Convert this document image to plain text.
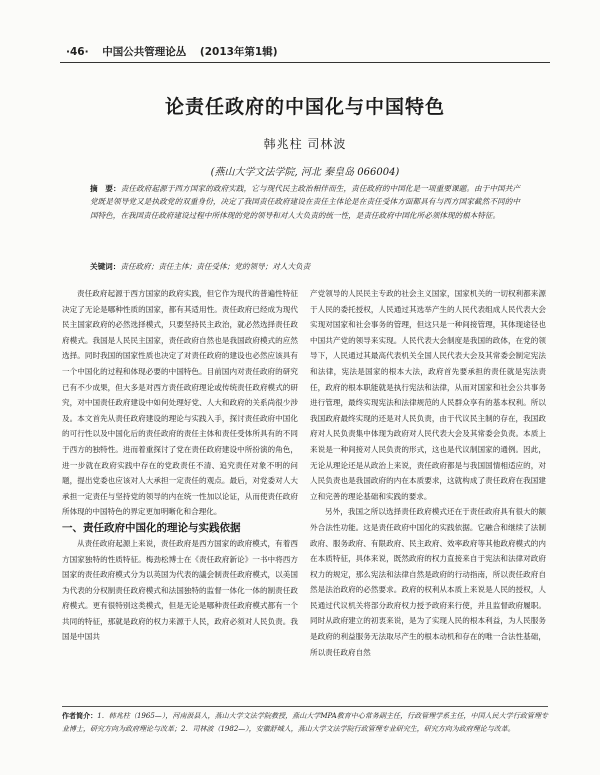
·46· 中国公共管理论丛 (2013年第1辑)
论责任政府的中国化与中国特色
韩兆柱 司林波
(燕山大学文法学院, 河北 秦皇岛 066004)
摘　要：责任政府起源于西方国家的政府实践，它与现代民主政治相伴而生，责任政府的中国化是一项重要课题。由于中国共产党既是领导党又是执政党的双重身份，决定了我国责任政府建设在责任主体论是在责任受体方面都具有与西方国家截然不同的中国特色，在我国责任政府建设过程中所体现的党的领导和对人大负责的统一性，是责任政府中国化所必须体现的根本特征。
关键词：责任政府；责任主体；责任受体；党的领导；对人大负责

责任政府起源于西方国家的政府实践，但它作为现代的普遍性特征决定了无论是哪种性质的国家，都有其适用性。责任政府已经成为现代民主国家政府的必然选择模式，只要坚持民主政治，就必然选择责任政府模式。我国是人民民主国家，责任政府自然也是我国政府模式的应然选择。同时我国的国家性质也决定了对责任政府的建设也必然应该具有一个中国化的过程和体现必要的中国特色。目前国内对责任政府的研究已有不少成果，但大多是对西方责任政府理论或传统责任政府模式的研究，对中国责任政府建设中如何处理好党、人大和政府的关系尚很少涉及。本文首先从责任政府建设的理论与实践入手，探讨责任政府中国化的可行性以及中国化后的责任政府的责任主体和责任受体所具有的不同于西方的独特性。进而着重探讨了党在责任政府建设中所扮演的角色，进一步就在政府实践中存在的党政责任不清、追究责任对象不明的问题，提出党委也应该对人大承担一定责任的观点。最后，对党委对人大承担一定责任与坚持党的领导的内在统一性加以论证，从而使责任政府所体现的中国特色的界定更加明晰化和合理化。

一、责任政府中国化的理论与实践依据

从责任政府起源上来说，责任政府是西方国家的政府模式，有着西方国家独特的性质特征。梅劲松博士在《责任政府新论》一书中将西方国家的责任政府模式分为以英国为代表的議会制责任政府模式，以美国为代表的分权制责任政府模式和法国独特的监督一体化一体的制责任政府模式。更有很特别这类模式，但是无论是哪种责任政府模式都有一个共同的特征，那就是政府的权力来源于人民，政府必须对人民负责。我国是中国共

产党领导的人民民主专政的社会主义国家，国家机关的一切权利都来源于人民的委托授权，人民通过其选举产生的人民代表组成人民代表大会实现对国家和社会事务的管理，但这只是一种间接管理，其体现途径也中国共产党的领导来实现。人民代表大会制度是我国的政体，在党的领导下，人民通过其最高代表机关全国人民代表大会及其常委会制定宪法和法律，宪法是国家的根本大法，政府首先要承担的责任就是宪法责任，政府的根本职能就是执行宪法和法律，从而对国家和社会公共事务进行管理，最终实现宪法和法律规范的人民群众享有的基本权利。所以我国政府最终实现的还是对人民负责，由于代议民主制的存在，我国政府对人民负责集中体现为政府对人民代表大会及其常委会负责。本质上来说是一种间接对人民负责的形式，这也是代议制国家的通例。因此，无论从理论还是从政治上来说，责任政府都是与我国国情相适应的，对人民负责也是我国政府的内在本质要求，这就构成了责任政府在我国建立和完善的理论基础和实践的要求。

另外，我国之所以选择责任政府模式还在于责任政府具有很大的额外合法性功能。这是责任政府中国化的实践依据。它融合和继续了法制政府、服务政府、有限政府、民主政府、效率政府等其他政府模式的内在本质特征，具体来说，既然政府的权力直接来自于宪法和法律对政府权力的规定，那么宪法和法律自然是政府的行动指南，所以责任政府自然是法治政府的必然要求。政府的权利从本质上来说是人民的授权，人民通过代议机关将部分政府权力授予政府来行使，并且监督政府履职。同时从政府建立的初衷来说，是为了实现人民的根本利益，为人民服务是政府的利益服务无法取尽产生的根本动机和存在的唯一合法性基础，所以责任政府自然

作者简介：1．韩兆柱（1965—），河南汲县人，燕山大学文法学院教授，燕山大学MPA教育中心常务副主任，行政管理学系主任，中国人民大学行政管理专业博士，研究方向为政府理论与改革；2．司林波（1982—），安徽舒城人，燕山大学文法学院行政管理专业研究生，研究方向为政府理论与改革。
